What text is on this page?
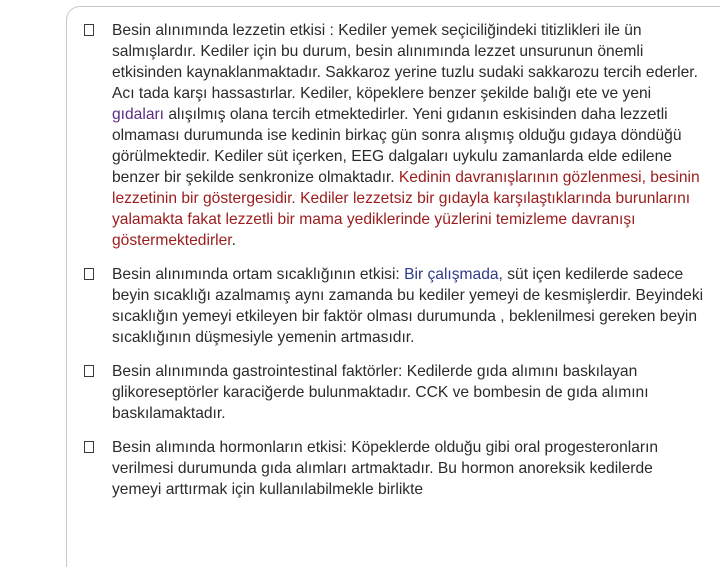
Besin alınımında lezzetin etkisi : Kediler yemek seçiciliğindeki titizlikleri ile ün salmışlardır. Kediler için bu durum, besin alınımında lezzet unsurunun önemli etkisinden kaynaklanmaktadır. Sakkaroz yerine tuzlu sudaki sakkarozu tercih ederler. Acı tada karşı hassastırlar. Kediler, köpeklere benzer şekilde balığı ete ve yeni gıdaları alışılmış olana tercih etmektedirler. Yeni gıdanın eskisinden daha lezzetli olmaması durumunda ise kedinin birkaç gün sonra alışmış olduğu gıdaya döndüğü görülmektedir. Kediler süt içerken, EEG dalgaları uykulu zamanlarda elde edilene benzer bir şekilde senkronize olmaktadır. Kedinin davranışlarının gözlenmesi, besinin lezzetinin bir göstergesidir. Kediler lezzetsiz bir gıdayla karşılaştıklarında burunlarını yalamakta fakat lezzetli bir mama yediklerinde yüzlerini temizleme davranışı göstermektedirler.
Besin alınımında ortam sıcaklığının etkisi: Bir çalışmada, süt içen kedilerde sadece beyin sıcaklığı azalmamış aynı zamanda bu kediler yemeyi de kesmişlerdir. Beyindeki sıcaklığın yemeyi etkileyen bir faktör olması durumunda , beklenilmesi gereken beyin sıcaklığının düşmesiyle yemenin artmasıdır.
Besin alınımında gastrointestinal faktörler: Kedilerde gıda alımını baskılayan glikoreseptörler karaciğerde bulunmaktadır. CCK ve bombesin de gıda alımını baskılamaktadır.
Besin alımında hormonların etkisi: Köpeklerde olduğu gibi oral progesteronların verilmesi durumunda gıda alımları artmaktadır. Bu hormon anoreksik kedilerde yemeyi arttırmak için kullanılabilmekle birlikte
